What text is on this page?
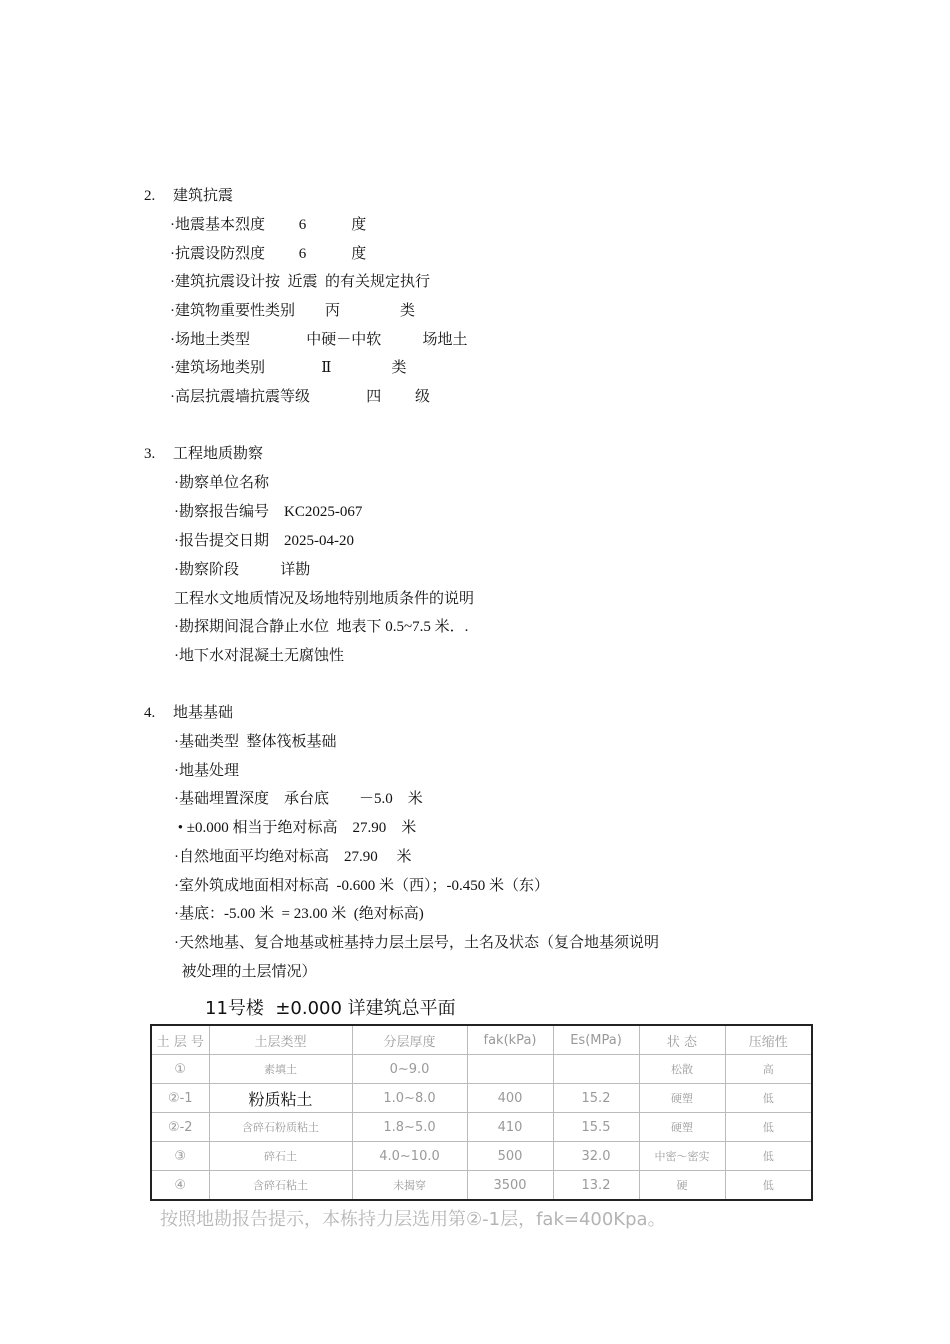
2. 建筑抗震
·地震基本烈度         6            度
·抗震设防烈度         6            度
·建筑抗震设计按  近震  的有关规定执行
·建筑物重要性类别        丙                类
·场地土类型               中硬－中软           场地土
·建筑场地类别               Ⅱ                类
·高层抗震墙抗震等级               四         级
3. 工程地质勘察
·勘察单位名称
·勘察报告编号    KC2025-067
·报告提交日期    2025-04-20
·勘察阶段           详勘
工程水文地质情况及场地特别地质条件的说明
·勘探期间混合静止水位  地表下 0.5~7.5 米．.
·地下水对混凝土无腐蚀性
4. 地基基础
·基础类型  整体筏板基础
·地基处理
·基础埋置深度    承台底        －5.0    米
• ±0.000 相当于绝对标高    27.90    米
·自然地面平均绝对标高    27.90     米
·室外筑成地面相对标高  -0.600 米（西）；-0.450 米（东）
·基底：-5.00 米  = 23.00 米  (绝对标高)
·天然地基、复合地基或桩基持力层土层号，土名及状态（复合地基须说明
被处理的土层情况）
11号楼  ±0.000 详建筑总平面
土 层 号	土层类型	分层厚度	fak(kPa)	Es(MPa)	状 态	压缩性
①	素填土	0~9.0			松散	高
②-1	粉质粘土	1.0~8.0	400	15.2	硬塑	低
②-2	含碎石粉质粘土	1.8~5.0	410	15.5	硬塑	低
③	碎石土	4.0~10.0	500	32.0	中密～密实	低
④	含碎石粘土	未揭穿	3500	13.2	硬	低
按照地勘报告提示，本栋持力层选用第②-1层，fak=400Kpa。
